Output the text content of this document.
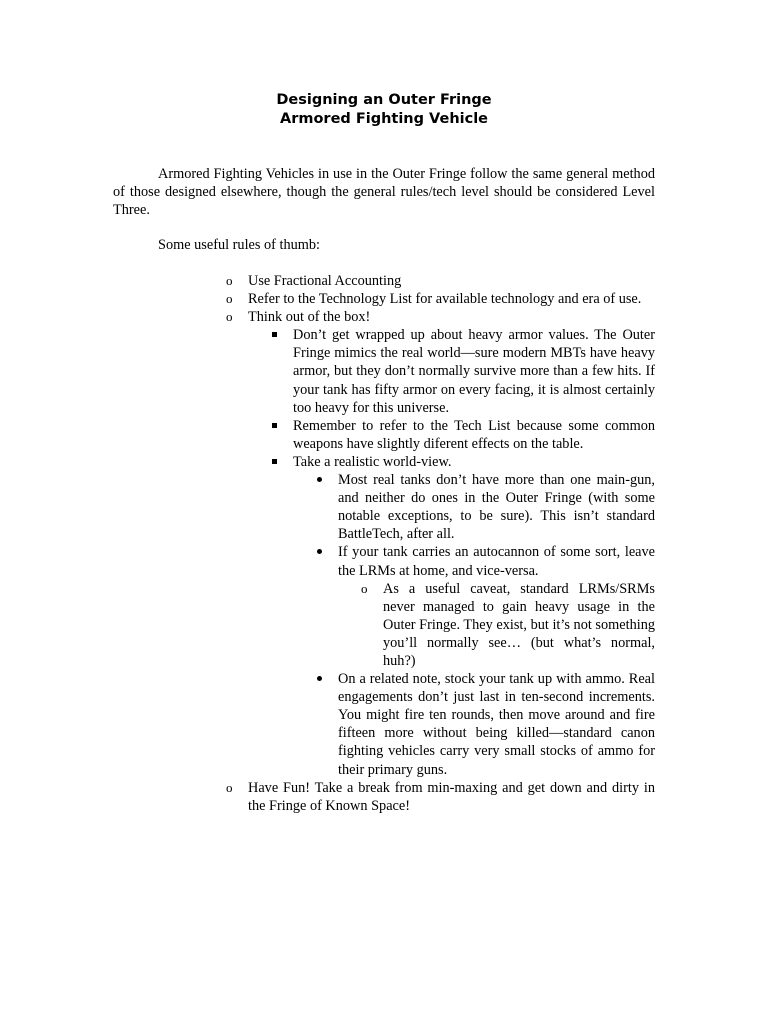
Designing an Outer Fringe
Armored Fighting Vehicle

Armored Fighting Vehicles in use in the Outer Fringe follow the same general method of those designed elsewhere, though the general rules/tech level should be considered Level Three.

Some useful rules of thumb:

o Use Fractional Accounting
o Refer to the Technology List for available technology and era of use.
o Think out of the box!
Don’t get wrapped up about heavy armor values. The Outer Fringe mimics the real world—sure modern MBTs have heavy armor, but they don’t normally survive more than a few hits. If your tank has fifty armor on every facing, it is almost certainly too heavy for this universe.
Remember to refer to the Tech List because some common weapons have slightly diferent effects on the table.
Take a realistic world-view.
Most real tanks don’t have more than one main-gun, and neither do ones in the Outer Fringe (with some notable exceptions, to be sure). This isn’t standard BattleTech, after all.
If your tank carries an autocannon of some sort, leave the LRMs at home, and vice-versa.
o As a useful caveat, standard LRMs/SRMs never managed to gain heavy usage in the Outer Fringe. They exist, but it’s not something you’ll normally see… (but what’s normal, huh?)
On a related note, stock your tank up with ammo. Real engagements don’t just last in ten-second increments. You might fire ten rounds, then move around and fire fifteen more without being killed—standard canon fighting vehicles carry very small stocks of ammo for their primary guns.
o Have Fun! Take a break from min-maxing and get down and dirty in the Fringe of Known Space!
